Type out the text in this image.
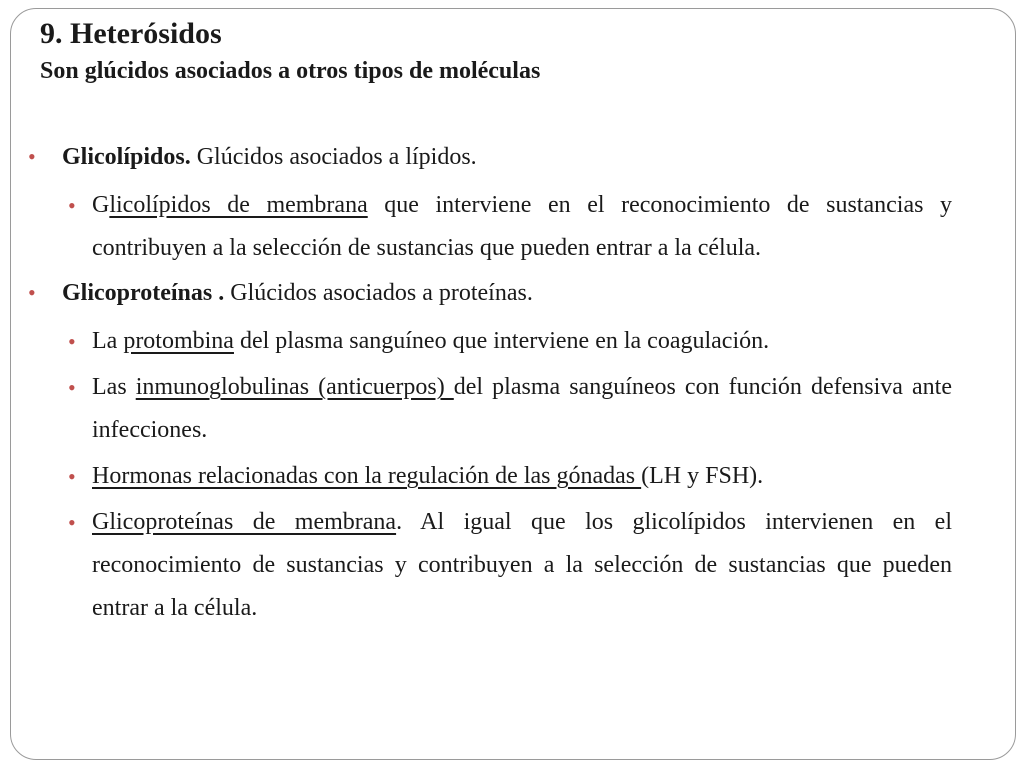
9. Heterósidos
Son glúcidos asociados a otros tipos de moléculas
• Glicolípidos. Glúcidos asociados a lípidos.
• Glicolípidos de membrana que interviene en el reconocimiento de sustancias y contribuyen a la selección de sustancias que pueden entrar a la célula.
• Glicoproteínas . Glúcidos asociados a proteínas.
• La protombina del plasma sanguíneo que interviene en la coagulación.
• Las inmunoglobulinas (anticuerpos) del plasma sanguíneos con función defensiva ante infecciones.
• Hormonas relacionadas con la regulación de las gónadas (LH y FSH).
• Glicoproteínas de membrana. Al igual que los glicolípidos intervienen en el reconocimiento de sustancias y contribuyen a la selección de sustancias que pueden entrar a la célula.
